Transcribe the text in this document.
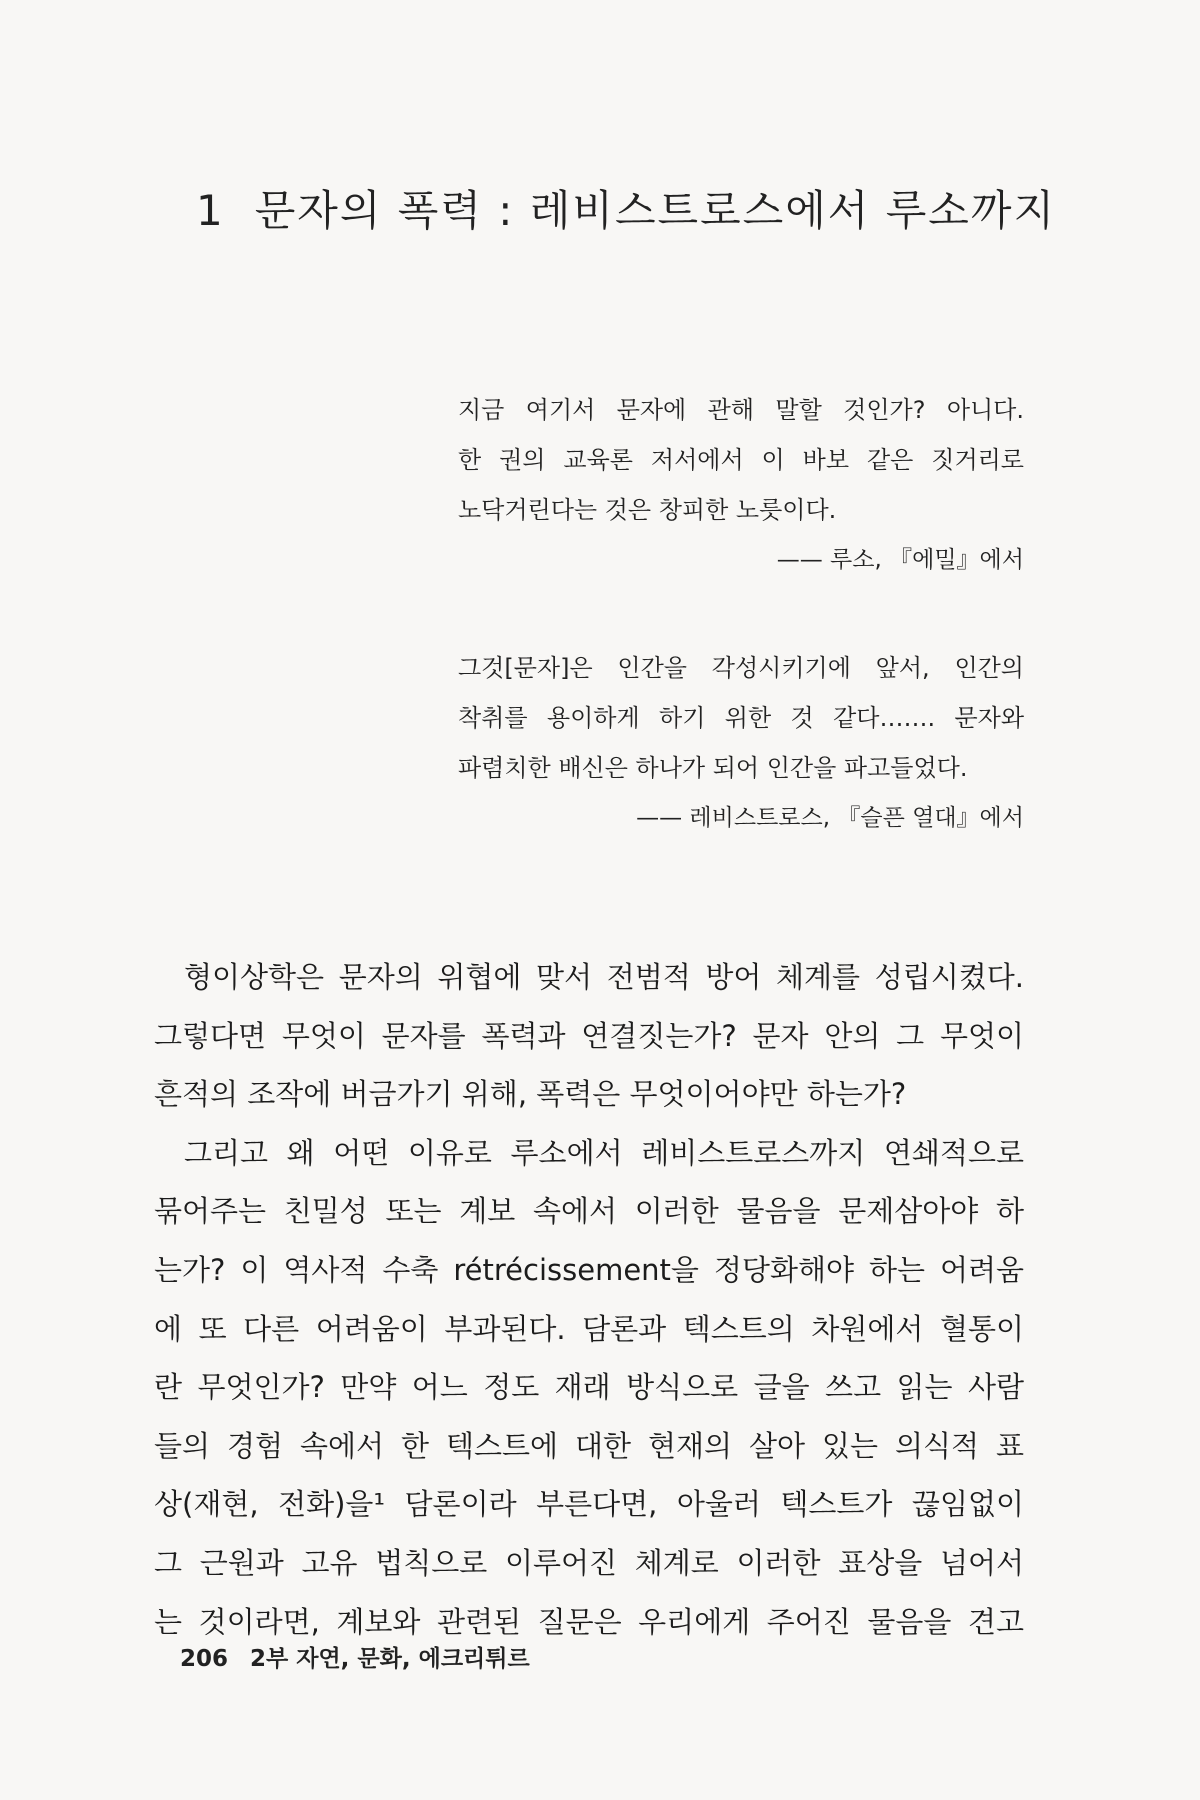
1 문자의 폭력 : 레비스트로스에서 루소까지
지금 여기서 문자에 관해 말할 것인가? 아니다.
한 권의 교육론 저서에서 이 바보 같은 짓거리로
노닥거린다는 것은 창피한 노릇이다.
—— 루소, 『에밀』에서
그것[문자]은 인간을 각성시키기에 앞서, 인간의
착취를 용이하게 하기 위한 것 같다……. 문자와
파렴치한 배신은 하나가 되어 인간을 파고들었다.
—— 레비스트로스, 『슬픈 열대』에서
형이상학은 문자의 위협에 맞서 전범적 방어 체계를 성립시켰다.
그렇다면 무엇이 문자를 폭력과 연결짓는가? 문자 안의 그 무엇이
흔적의 조작에 버금가기 위해, 폭력은 무엇이어야만 하는가?
그리고 왜 어떤 이유로 루소에서 레비스트로스까지 연쇄적으로
묶어주는 친밀성 또는 계보 속에서 이러한 물음을 문제삼아야 하
는가? 이 역사적 수축 rétrécissement을 정당화해야 하는 어려움
에 또 다른 어려움이 부과된다. 담론과 텍스트의 차원에서 혈통이
란 무엇인가? 만약 어느 정도 재래 방식으로 글을 쓰고 읽는 사람
들의 경험 속에서 한 텍스트에 대한 현재의 살아 있는 의식적 표
상(재현, 전화)을¹ 담론이라 부른다면, 아울러 텍스트가 끊임없이
그 근원과 고유 법칙으로 이루어진 체계로 이러한 표상을 넘어서
는 것이라면, 계보와 관련된 질문은 우리에게 주어진 물음을 견고
206 2부 자연, 문화, 에크리튀르
